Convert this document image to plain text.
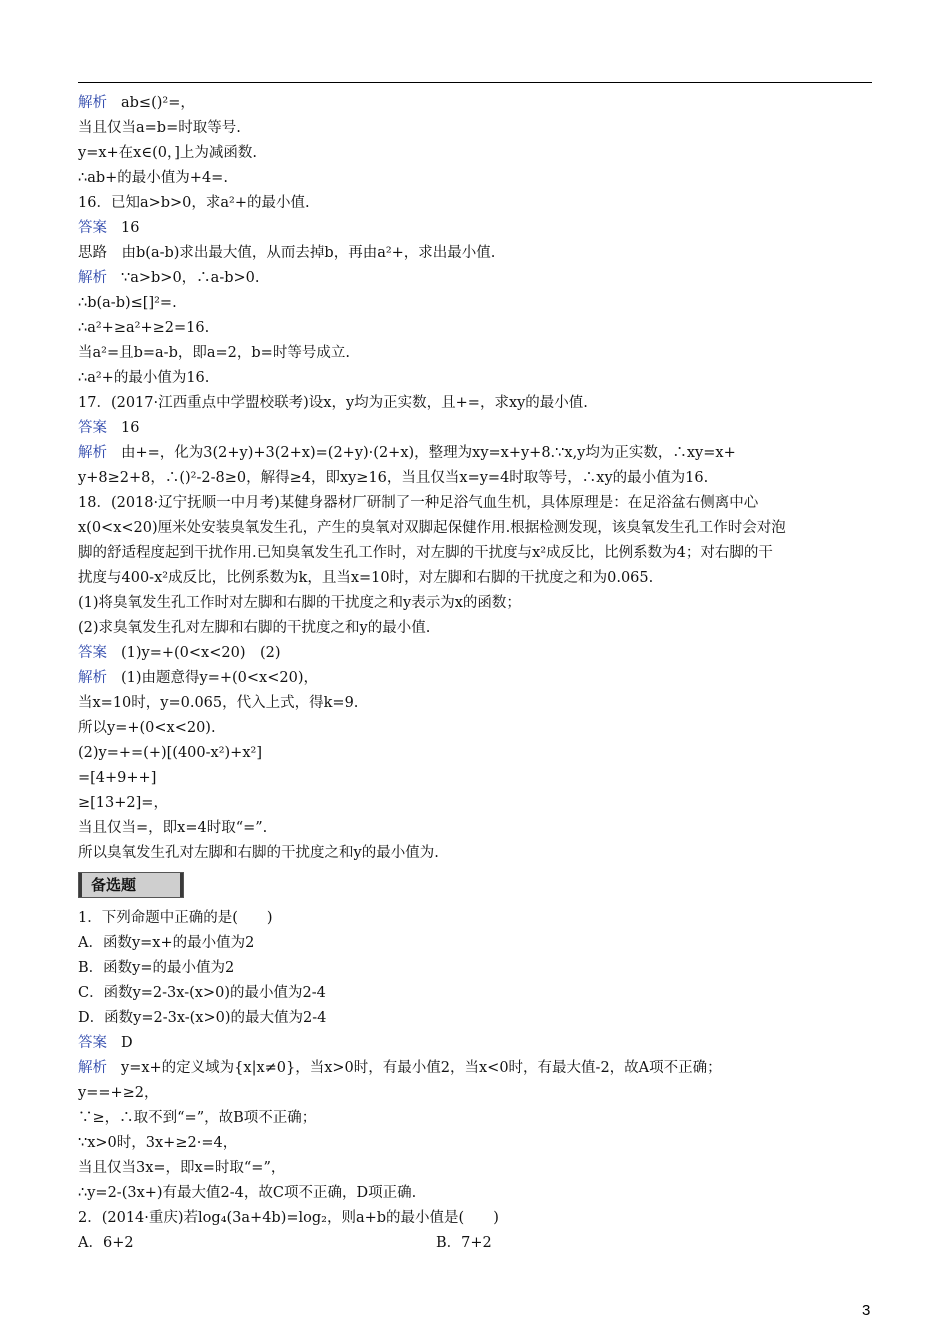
解析 ab≤()²=，
当且仅当a=b=时取等号.
y=x+在x∈(0，]上为减函数.
∴ab+的最小值为+4=.
16．已知a>b>0，求a²+的最小值.
答案 16
思路　由b(a-b)求出最大值，从而去掉b，再由a²+，求出最小值.
解析 ∵a>b>0，∴a-b>0.
∴b(a-b)≤[]²=.
∴a²+≥a²+≥2=16.
当a²=且b=a-b，即a=2，b=时等号成立.
∴a²+的最小值为16.
17．(2017·江西重点中学盟校联考)设x，y均为正实数，且+=，求xy的最小值.
答案 16
解析 由+=，化为3(2+y)+3(2+x)=(2+y)·(2+x)，整理为xy=x+y+8.∵x,y均为正实数，∴xy=x+
y+8≥2+8，∴()²-2-8≥0，解得≥4，即xy≥16，当且仅当x=y=4时取等号，∴xy的最小值为16.
18．(2018·辽宁抚顺一中月考)某健身器材厂研制了一种足浴气血生机，具体原理是：在足浴盆右侧离中心
x(0<x<20)厘米处安装臭氧发生孔，产生的臭氧对双脚起保健作用.根据检测发现，该臭氧发生孔工作时会对泡
脚的舒适程度起到干扰作用.已知臭氧发生孔工作时，对左脚的干扰度与x²成反比，比例系数为4；对右脚的干
扰度与400-x²成反比，比例系数为k，且当x=10时，对左脚和右脚的干扰度之和为0.065.
(1)将臭氧发生孔工作时对左脚和右脚的干扰度之和y表示为x的函数；
(2)求臭氧发生孔对左脚和右脚的干扰度之和y的最小值.
答案 (1)y=+(0<x<20)　(2)
解析 (1)由题意得y=+(0<x<20)，
当x=10时，y=0.065，代入上式，得k=9.
所以y=+(0<x<20).
(2)y=+=(+)[(400-x²)+x²]
=[4+9++]
≥[13+2]=，
当且仅当=，即x=4时取“=”.
所以臭氧发生孔对左脚和右脚的干扰度之和y的最小值为.
备选题
1．下列命题中正确的是(　　)
A．函数y=x+的最小值为2
B．函数y=的最小值为2
C．函数y=2-3x-(x>0)的最小值为2-4
D．函数y=2-3x-(x>0)的最大值为2-4
答案 D
解析 y=x+的定义域为{x|x≠0}，当x>0时，有最小值2，当x<0时，有最大值-2，故A项不正确；
y==+≥2，
∵≥，∴取不到“=”，故B项不正确；
∵x>0时，3x+≥2·=4，
当且仅当3x=，即x=时取“=”，
∴y=2-(3x+)有最大值2-4，故C项不正确，D项正确.
2．(2014·重庆)若log₄(3a+4b)=log₂，则a+b的最小值是(　　)
A．6+2	B．7+2
3
